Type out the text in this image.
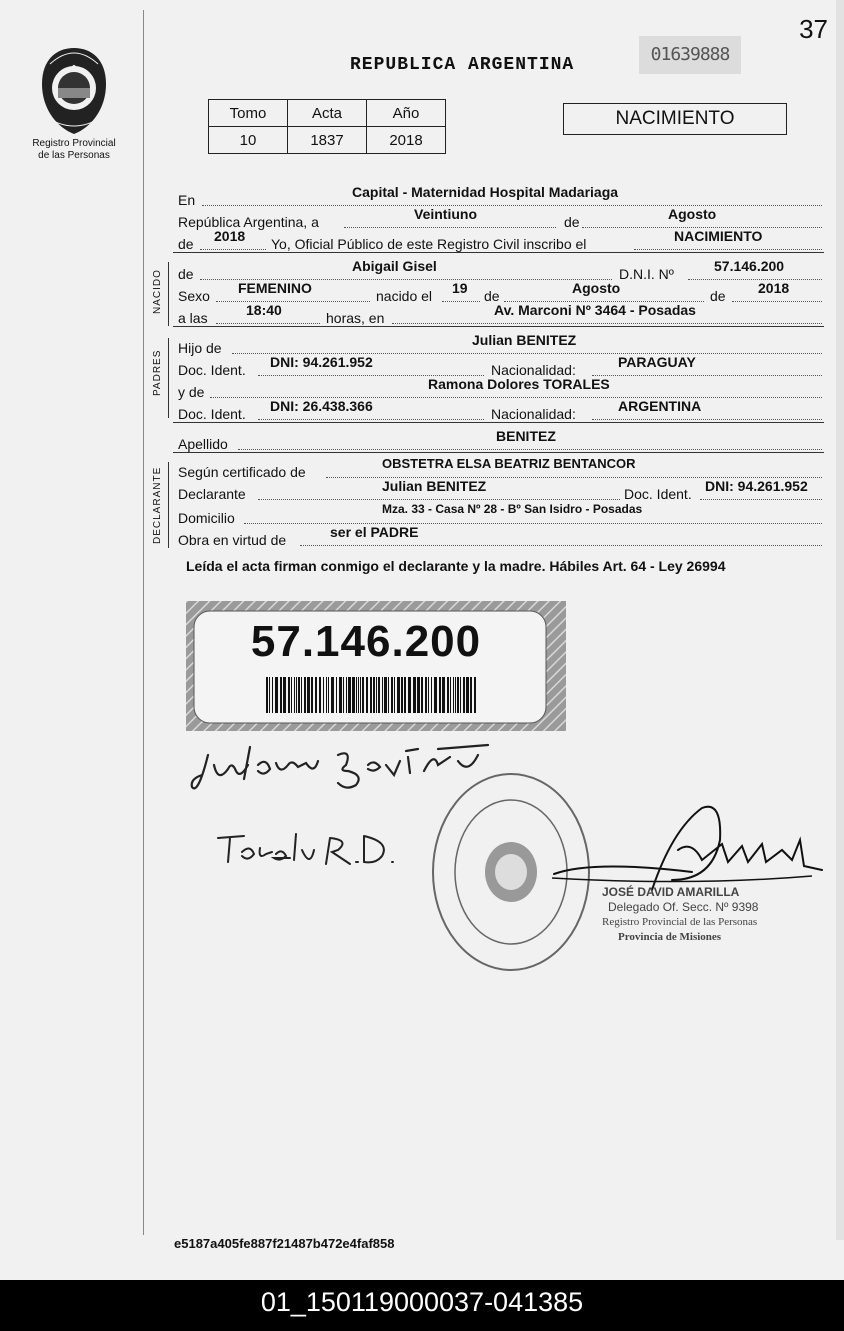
37
Registro Provincial
de las Personas
REPUBLICA ARGENTINA	01639888
Tomo	Acta	Año
10	1837	2018
NACIMIENTO
En	Capital - Maternidad Hospital Madariaga
República Argentina, a	Veintiuno	de	Agosto
de 2018 Yo, Oficial Público de este Registro Civil inscribo el	NACIMIENTO
NACIDO de	Abigail Gisel	D.N.I. Nº	57.146.200
Sexo FEMENINO	nacido el 19 de	Agosto	de 2018
a las	18:40	horas, en	Av. Marconi Nº 3464 - Posadas
PADRES
Hijo de	Julian BENITEZ
Doc. Ident. DNI: 94.261.952	Nacionalidad:	PARAGUAY
y de	Ramona Dolores TORALES
Doc. Ident. DNI: 26.438.366	Nacionalidad:	ARGENTINA
Apellido	BENITEZ
DECLARANTE Según certificado de
OBSTETRA ELSA BEATRIZ BENTANCOR
Declarante	Julian BENITEZ	Doc. Ident. DNI: 94.261.952
Domicilio
Mza. 33 - Casa Nº 28 - Bº San Isidro - Posadas
Obra en virtud de	ser el PADRE
Leída el acta firman conmigo el declarante y la madre. Hábiles Art. 64 - Ley 26994
57.146.200
JOSÉ DAVID AMARILLA
Delegado Of. Secc. Nº 9398
Registro Provincial de las Personas
Provincia de Misiones
e5187a405fe887f21487b472e4faf858
01_150119000037-041385
